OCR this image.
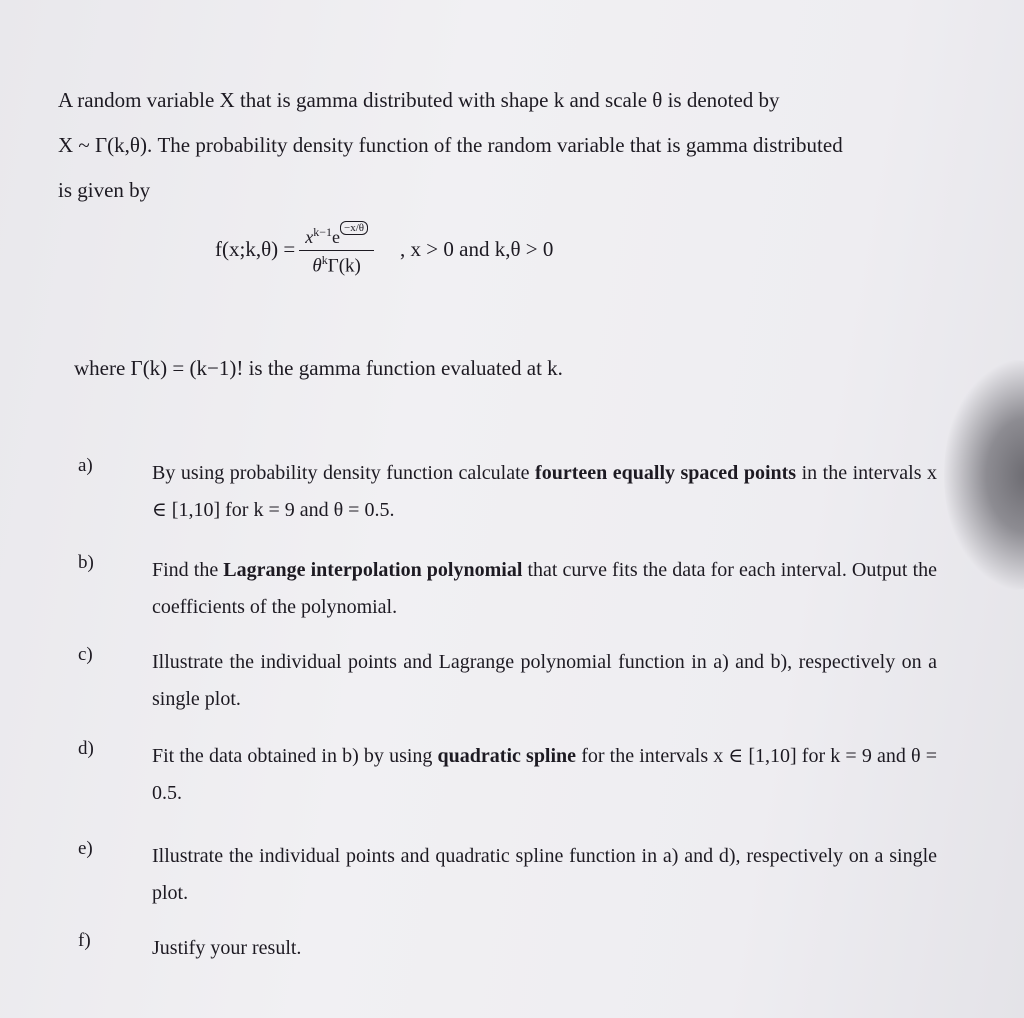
A random variable X that is gamma distributed with shape k and scale θ is denoted by

X ~ Γ(k,θ). The probability density function of the random variable that is gamma distributed

is given by

f(x;k,θ) = $\frac{x^{k-1}e ^{-x/\theta}}{\theta^k\Gamma(k)}$ , x > 0 and k,θ > 0
where Γ(k) = (k−1)! is the gamma function evaluated at k.
a)	By using probability density function calculate fourteen equally spaced points in the intervals x ∈ [1,10] for k = 9 and θ = 0.5.
b)	Find the Lagrange interpolation polynomial that curve fits the data for each interval. Output the coefficients of the polynomial.
c)	Illustrate the individual points and Lagrange polynomial function in a) and b), respectively on a single plot.
d)	Fit the data obtained in b) by using quadratic spline for the intervals x ∈ [1,10] for k = 9 and θ = 0.5.
e)	Illustrate the individual points and quadratic spline function in a) and d), respectively on a single plot.
f)	Justify your result.
